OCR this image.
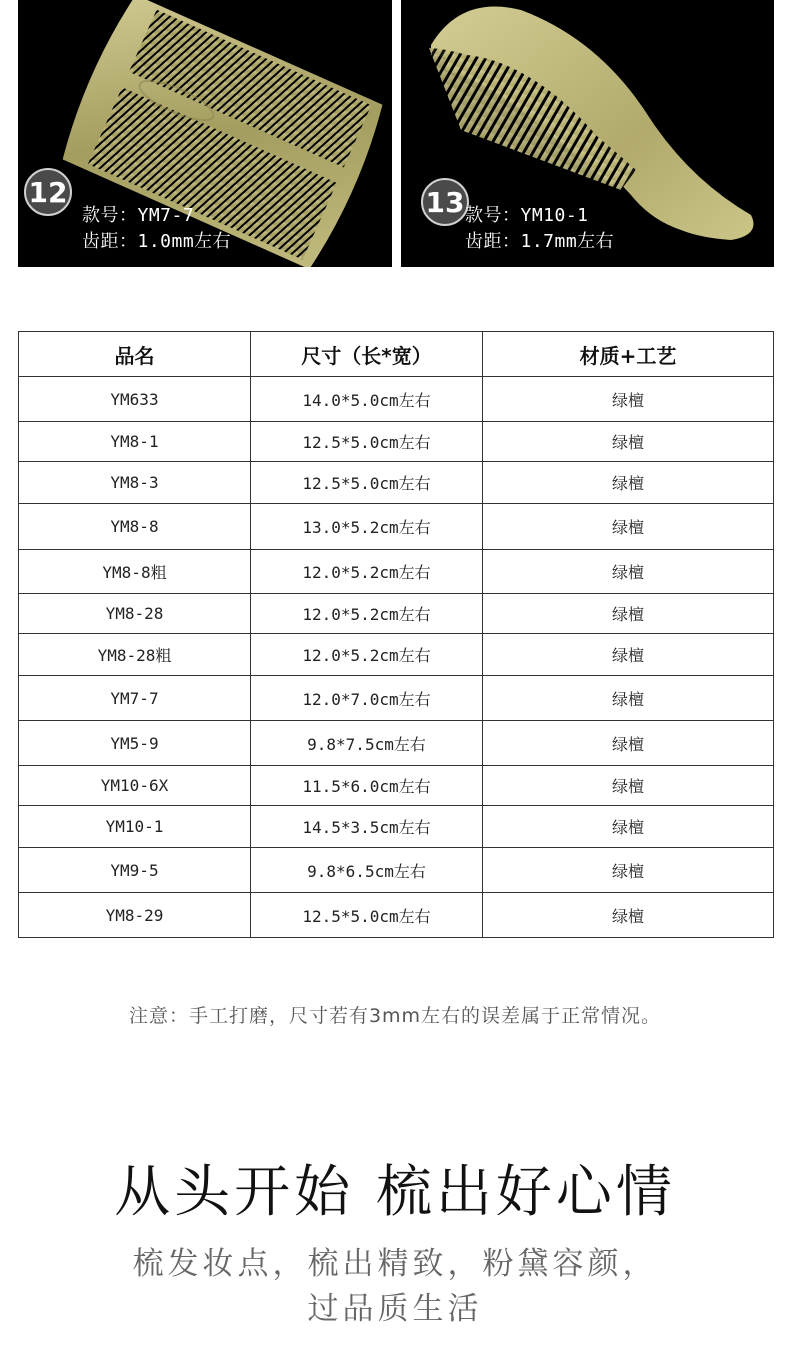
12
款号：YM7-7
齿距：1.0mm左右
13 款号：YM10-1
齿距：1.7mm左右
品名	尺寸（长*宽）	材质+工艺
YM633	14.0*5.0cm左右	绿檀
YM8-1	12.5*5.0cm左右	绿檀
YM8-3	12.5*5.0cm左右	绿檀
YM8-8	13.0*5.2cm左右	绿檀
YM8-8粗	12.0*5.2cm左右	绿檀
YM8-28	12.0*5.2cm左右	绿檀
YM8-28粗	12.0*5.2cm左右	绿檀
YM7-7	12.0*7.0cm左右	绿檀
YM5-9	9.8*7.5cm左右	绿檀
YM10-6X	11.5*6.0cm左右	绿檀
YM10-1	14.5*3.5cm左右	绿檀
YM9-5	9.8*6.5cm左右	绿檀
YM8-29	12.5*5.0cm左右	绿檀
注意：手工打磨，尺寸若有3mm左右的误差属于正常情况。
从头开始 梳出好心情
梳发妆点，梳出精致，粉黛容颜，
过品质生活
